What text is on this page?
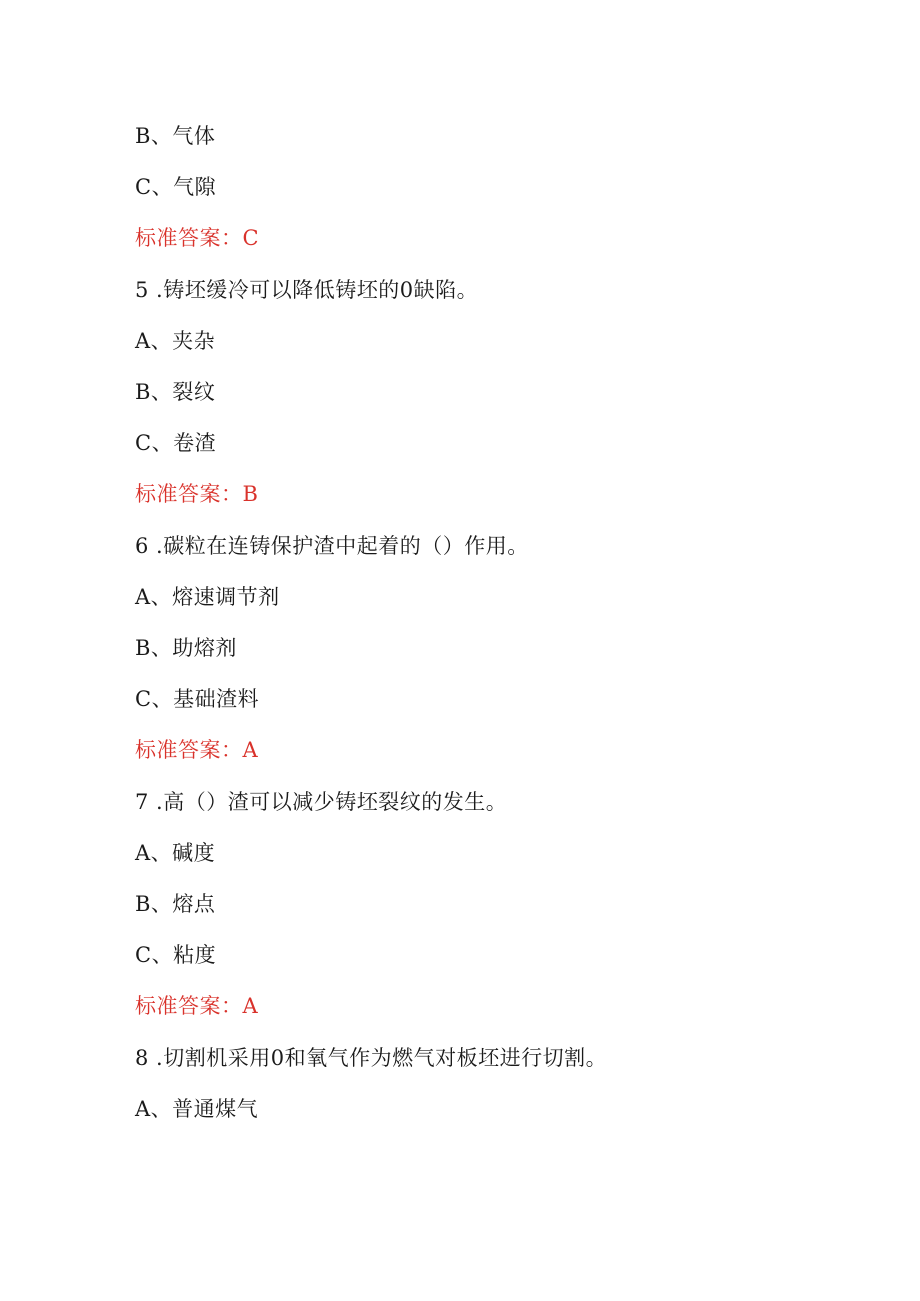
B、气体
C、气隙
标准答案：C
5 .铸坯缓冷可以降低铸坯的0缺陷。
A、夹杂
B、裂纹
C、卷渣
标准答案：B
6 .碳粒在连铸保护渣中起着的（）作用。
A、熔速调节剂
B、助熔剂
C、基础渣料
标准答案：A
7 .高（）渣可以减少铸坯裂纹的发生。
A、碱度
B、熔点
C、粘度
标准答案：A
8 .切割机采用0和氧气作为燃气对板坯进行切割。
A、普通煤气
